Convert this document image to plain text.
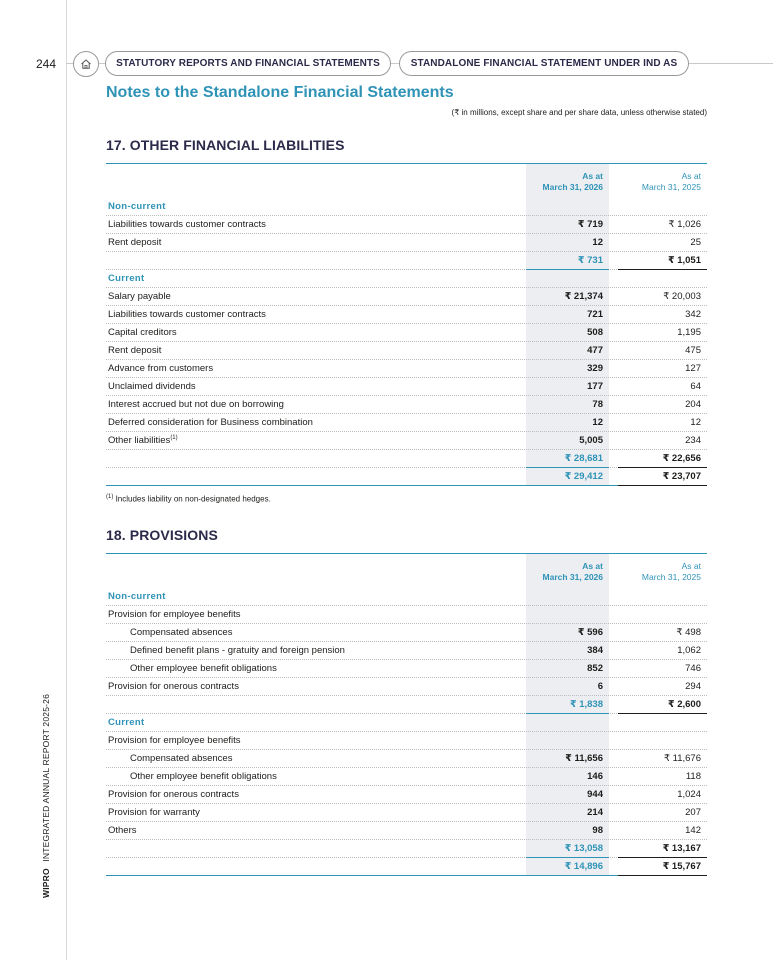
244
WIPRO INTEGRATED ANNUAL REPORT 2025-26
STATUTORY REPORTS AND FINANCIAL STATEMENTS	STANDALONE FINANCIAL STATEMENT UNDER IND AS
Notes to the Standalone Financial Statements
(₹ in millions, except share and per share data, unless otherwise stated)
17. OTHER FINANCIAL LIABILITIES
As at
March 31, 2026
As at
March 31, 2025
Non-current
Liabilities towards customer contracts	₹ 719	₹ 1,026
Rent deposit	12	25
₹ 731	₹ 1,051
Current
Salary payable	₹ 21,374	₹ 20,003
Liabilities towards customer contracts	721	342
Capital creditors	508	1,195
Rent deposit	477	475
Advance from customers	329	127
Unclaimed dividends	177	64
Interest accrued but not due on borrowing	78	204
Deferred consideration for Business combination	12	12
Other liabilities$^{(1)}$	5,005	234
₹ 28,681	₹ 22,656
₹ 29,412	₹ 23,707
$^{(1)}$ Includes liability on non-designated hedges.
18. PROVISIONS
As at
March 31, 2026
As at
March 31, 2025
Non-current
Provision for employee benefits
Compensated absences	₹ 596	₹ 498
Defined benefit plans - gratuity and foreign pension	384	1,062
Other employee benefit obligations	852	746
Provision for onerous contracts	6	294
₹ 1,838	₹ 2,600
Current
Provision for employee benefits
Compensated absences	₹ 11,656	₹ 11,676
Other employee benefit obligations	146	118
Provision for onerous contracts	944	1,024
Provision for warranty	214	207
Others	98	142
₹ 13,058	₹ 13,167
₹ 14,896	₹ 15,767
